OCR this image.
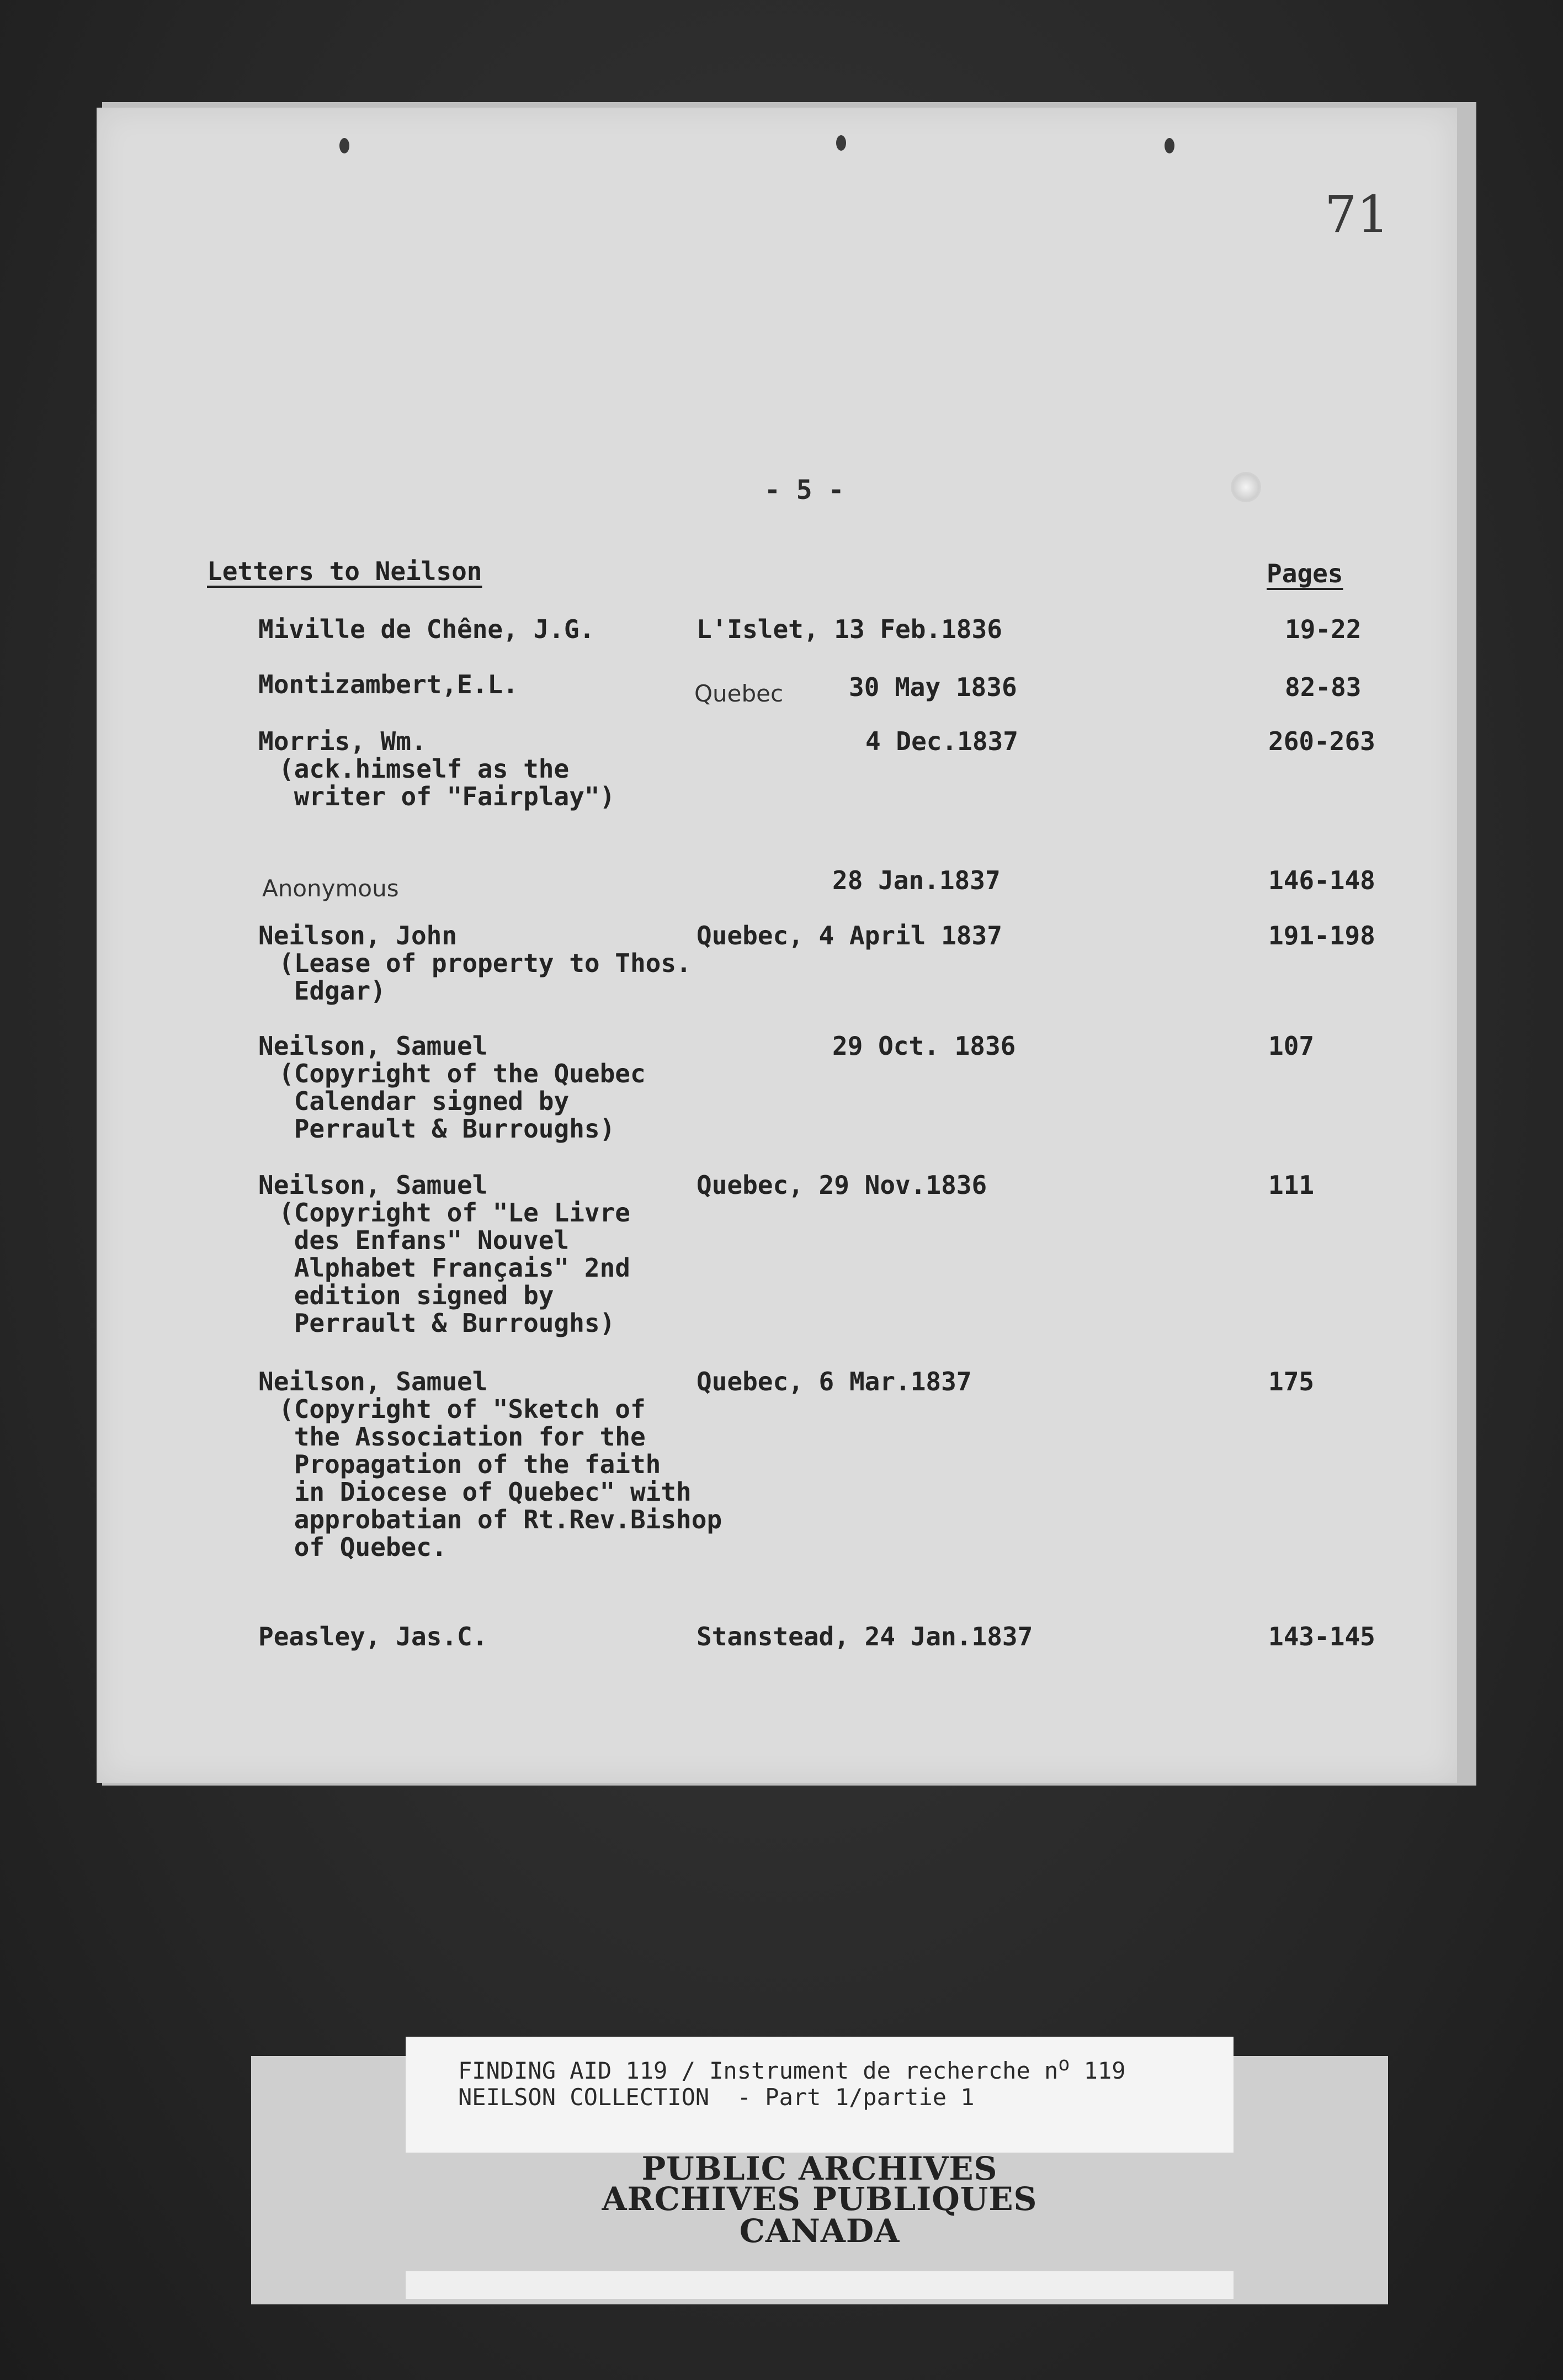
71
- 5 -
Letters to Neilson	Pages
Miville de Chêne, J.G.	L'Islet, 13 Feb.1836	19-22
Montizambert,E.L.	Quebec	30 May 1836	82-83
Morris, Wm.	4 Dec.1837	260-263
(ack.himself as the
writer of "Fairplay")
Anonymous	28 Jan.1837	146-148
Neilson, John	Quebec, 4 April 1837	191-198
(Lease of property to Thos.
Edgar)
Neilson, Samuel	29 Oct. 1836	107
(Copyright of the Quebec
Calendar signed by
Perrault & Burroughs)
Neilson, Samuel	Quebec, 29 Nov.1836	111
(Copyright of "Le Livre
des Enfans" Nouvel
Alphabet Français" 2nd
edition signed by
Perrault & Burroughs)
Neilson, Samuel	Quebec, 6 Mar.1837	175
(Copyright of "Sketch of
the Association for the
Propagation of the faith
in Diocese of Quebec" with
approbatian of Rt.Rev.Bishop
of Quebec.
Peasley, Jas.C.	Stanstead, 24 Jan.1837	143-145
FINDING AID 119 / Instrument de recherche $n^o$ 119
NEILSON COLLECTION  - Part 1/partie 1
PUBLIC ARCHIVES
ARCHIVES PUBLIQUES
CANADA
